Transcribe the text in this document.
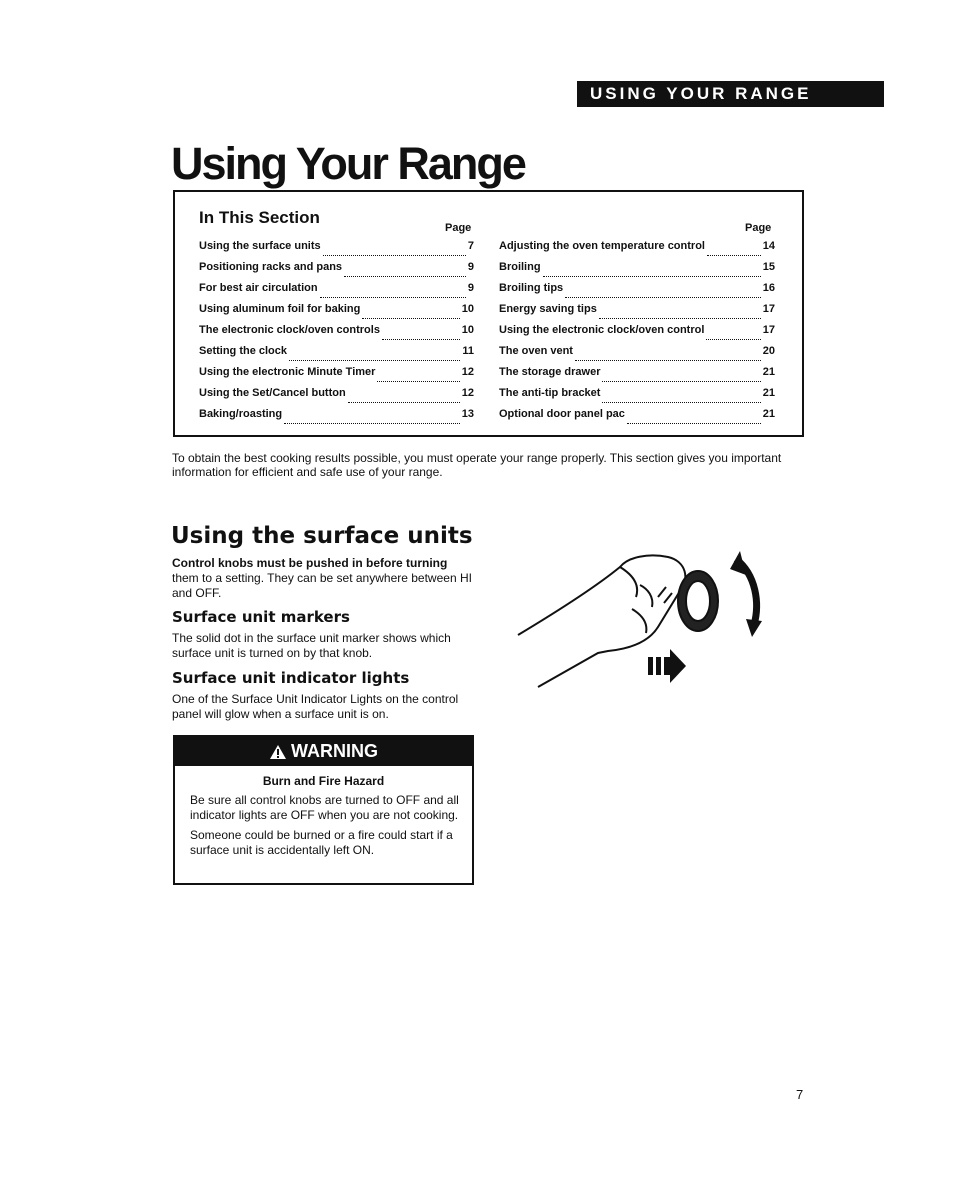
USING YOUR RANGE
Using Your Range
In This Section
Page	Page
Using the surface units	7
Positioning racks and pans	9
For best air circulation	9
Using aluminum foil for baking	10
The electronic clock/oven controls	10
Setting the clock	11
Using the electronic Minute Timer	12
Using the Set/Cancel button	12
Baking/roasting	13
Adjusting the oven temperature control	14
Broiling	15
Broiling tips	16
Energy saving tips	17
Using the electronic clock/oven control	17
The oven vent	20
The storage drawer	21
The anti-tip bracket	21
Optional door panel pac	21

To obtain the best cooking results possible, you must operate your range properly. This section gives you important information for efficient and safe use of your range.

Using the surface units

Control knobs must be pushed in before turning them to a setting. They can be set anywhere between HI and OFF.

Surface unit markers

The solid dot in the surface unit marker shows which surface unit is turned on by that knob.

Surface unit indicator lights

One of the Surface Unit Indicator Lights on the control panel will glow when a surface unit is on.

WARNING
Burn and Fire Hazard

Be sure all control knobs are turned to OFF and all indicator lights are OFF when you are not cooking.

Someone could be burned or a fire could start if a surface unit is accidentally left ON.

7
